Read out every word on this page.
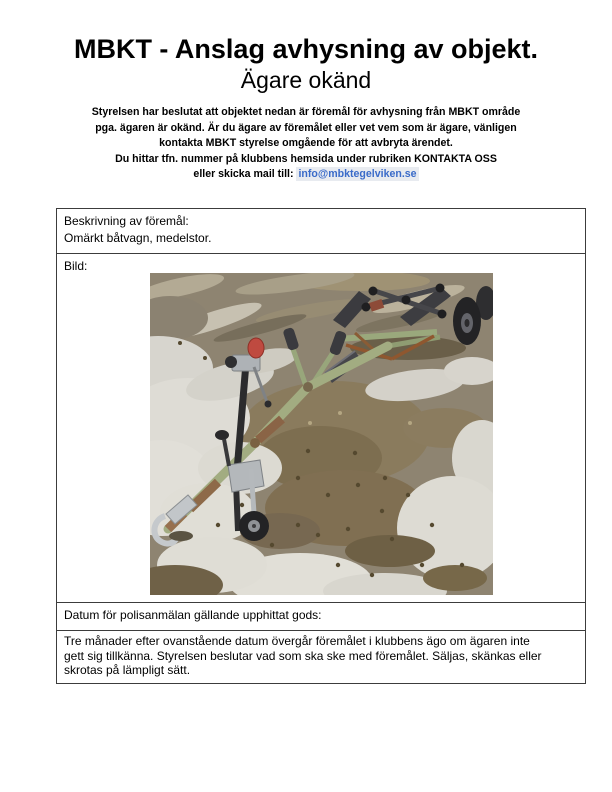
MBKT - Anslag avhysning av objekt.
Ägare okänd
Styrelsen har beslutat att objektet nedan är föremål för avhysning från MBKT område
pga. ägaren är okänd. Är du ägare av föremålet eller vet vem som är ägare, vänligen
kontakta MBKT styrelse omgående för att avbryta ärendet.
Du hittar tfn. nummer på klubbens hemsida under rubriken KONTAKTA OSS
eller skicka mail till: info@mbktegelviken.se
Beskrivning av föremål:
Omärkt båtvagn, medelstor.
Bild:
Datum för polisanmälan gällande upphittat gods:
Tre månader efter ovanstående datum övergår föremålet i klubbens ägo om ägaren inte
gett sig tillkänna. Styrelsen beslutar vad som ska ske med föremålet. Säljas, skänkas eller
skrotas på lämpligt sätt.
